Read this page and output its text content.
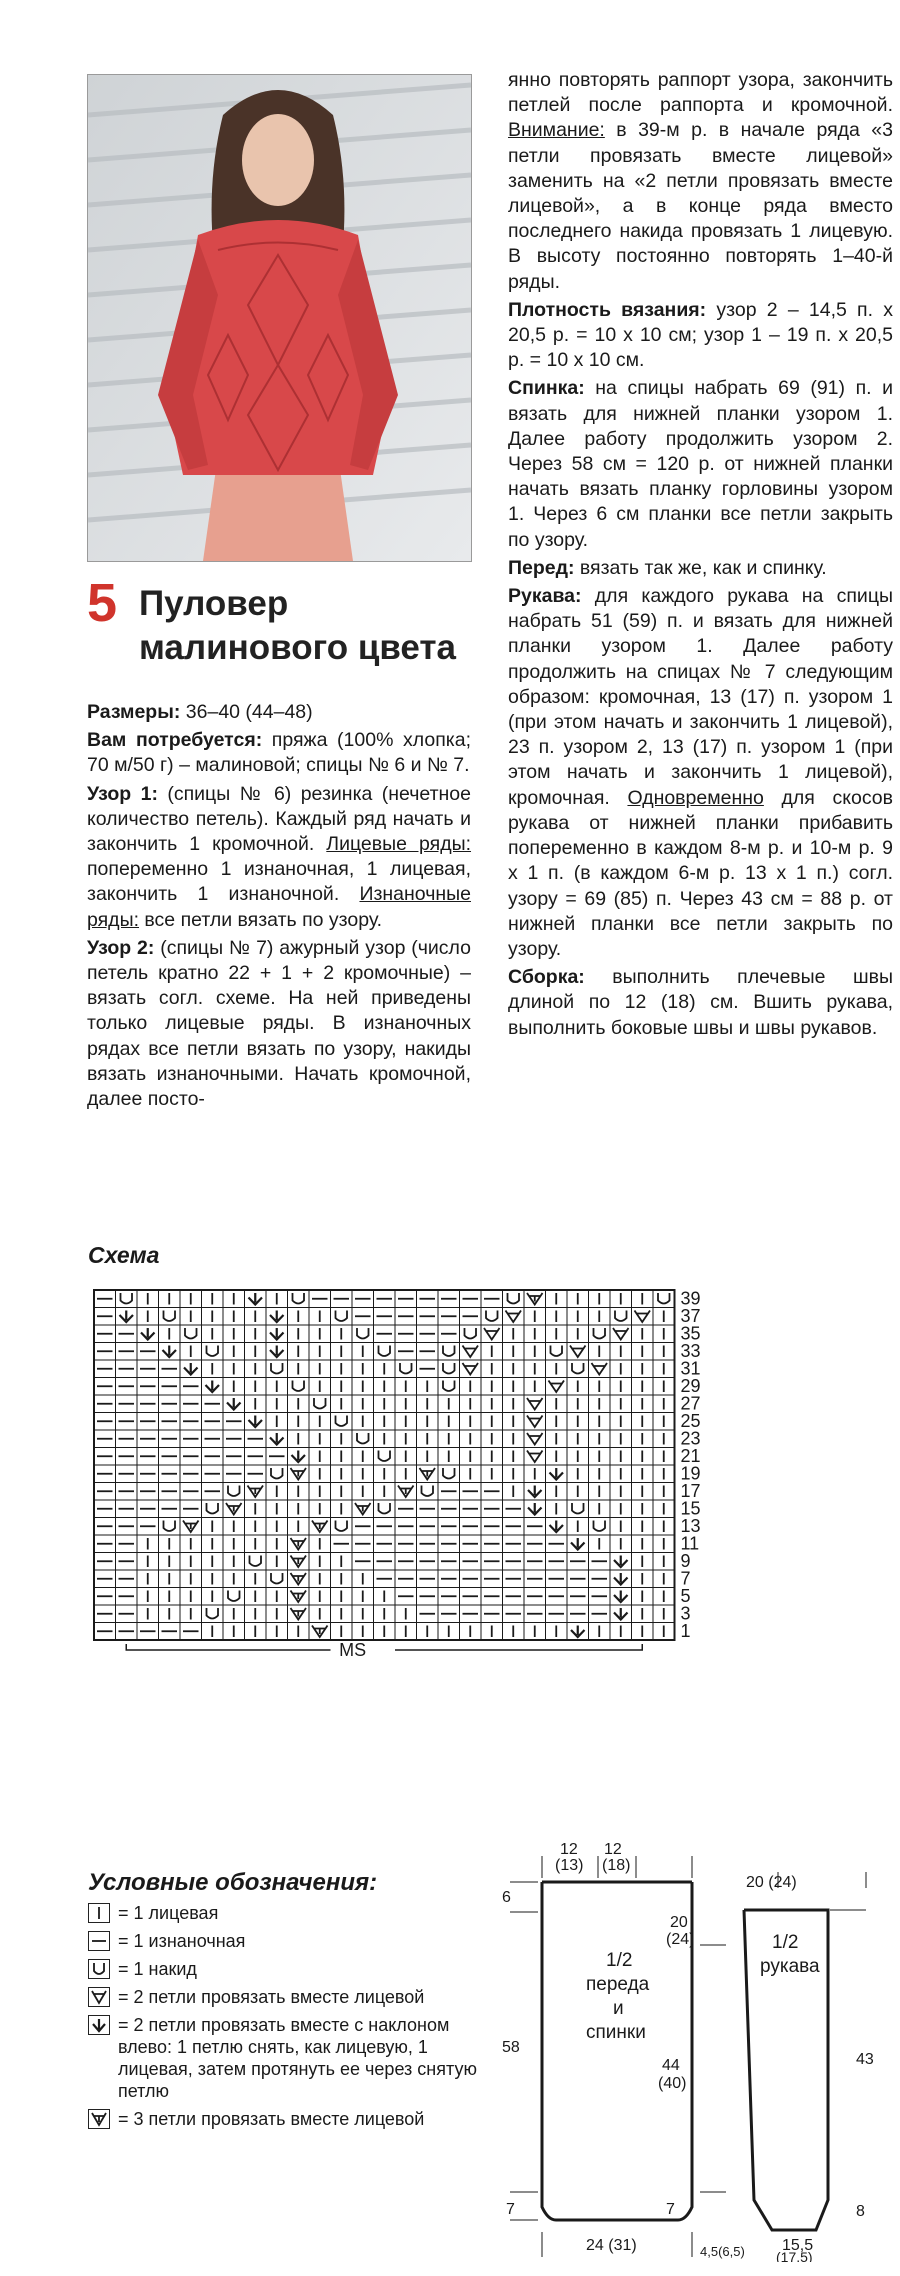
5 Пуловер
малинового цвета

Размеры: 36–40 (44–48)

Вам потребуется: пряжа (100% хлопка; 70 м/50 г) – малиновой; спицы № 6 и № 7.

Узор 1: (спицы № 6) резинка (нечетное количество петель). Каждый ряд начать и закончить 1 кромочной. Лицевые ряды: попеременно 1 изнаночная, 1 лицевая, закончить 1 изнаночной. Изнаночные ряды: все петли вязать по узору.

Узор 2: (спицы № 7) ажурный узор (число петель кратно 22 + 1 + 2 кромочные) – вязать согл. схеме. На ней приведены только лицевые ряды. В изнаночных рядах все петли вязать по узору, накиды вязать изнаночными. Начать кромочной, далее посто-

янно повторять раппорт узора, закончить петлей после раппорта и кромочной. Внимание: в 39-м р. в начале ряда «3 петли провязать вместе лицевой» заменить на «2 петли провязать вместе лицевой», а в конце ряда вместо последнего накида провязать 1 лицевую. В высоту постоянно повторять 1–40-й ряды.

Плотность вязания: узор 2 – 14,5 п. х 20,5 р. = 10 х 10 см; узор 1 – 19 п. х 20,5 р. = 10 х 10 см.

Спинка: на спицы набрать 69 (91) п. и вязать для нижней планки узором 1. Далее работу продолжить узором 2. Через 58 см = 120 р. от нижней планки начать вязать планку горловины узором 1. Через 6 см планки все петли закрыть по узору.

Перед: вязать так же, как и спинку.

Рукава: для каждого рукава на спицы набрать 51 (59) п. и вязать для нижней планки узором 1. Далее работу продолжить на спицах № 7 следующим образом: кромочная, 13 (17) п. узором 1 (при этом начать и закончить 1 лицевой), 23 п. узором 2, 13 (17) п. узором 1 (при этом начать и закончить 1 лицевой), кромочная. Одновременно для скосов рукава от нижней планки прибавить попеременно в каждом 8-м р. и 10-м р. 9 х 1 п. (в каждом 6-м р. 13 х 1 п.) согл. узору = 69 (85) п. Через 43 см = 88 р. от нижней планки все петли закрыть по узору.

Сборка: выполнить плечевые швы длиной по 12 (18) см. Вшить рукава, выполнить боковые швы и швы рукавов.

Схема
39
37
35
33
31
29
27
25
23
21
19
17
15
13
11
9
7
5
3
1
MS
Условные обозначения:
= 1 лицевая
= 1 изнаночная
= 1 накид
= 2 петли провязать вместе лицевой
= 2 петли провязать вместе с наклоном влево: 1 петлю снять, как лицевую, 1 лицевая, затем протянуть ее через снятую петлю
= 3 петли провязать вместе лицевой
12
(13)
12
(18)
6
20
(24)
58
44
(40)
7	7
24 (31)
1/2
переда
и
спинки
20 (24)
1/2
рукава
43
8
15,5
(17,5)
4,5(6,5)
